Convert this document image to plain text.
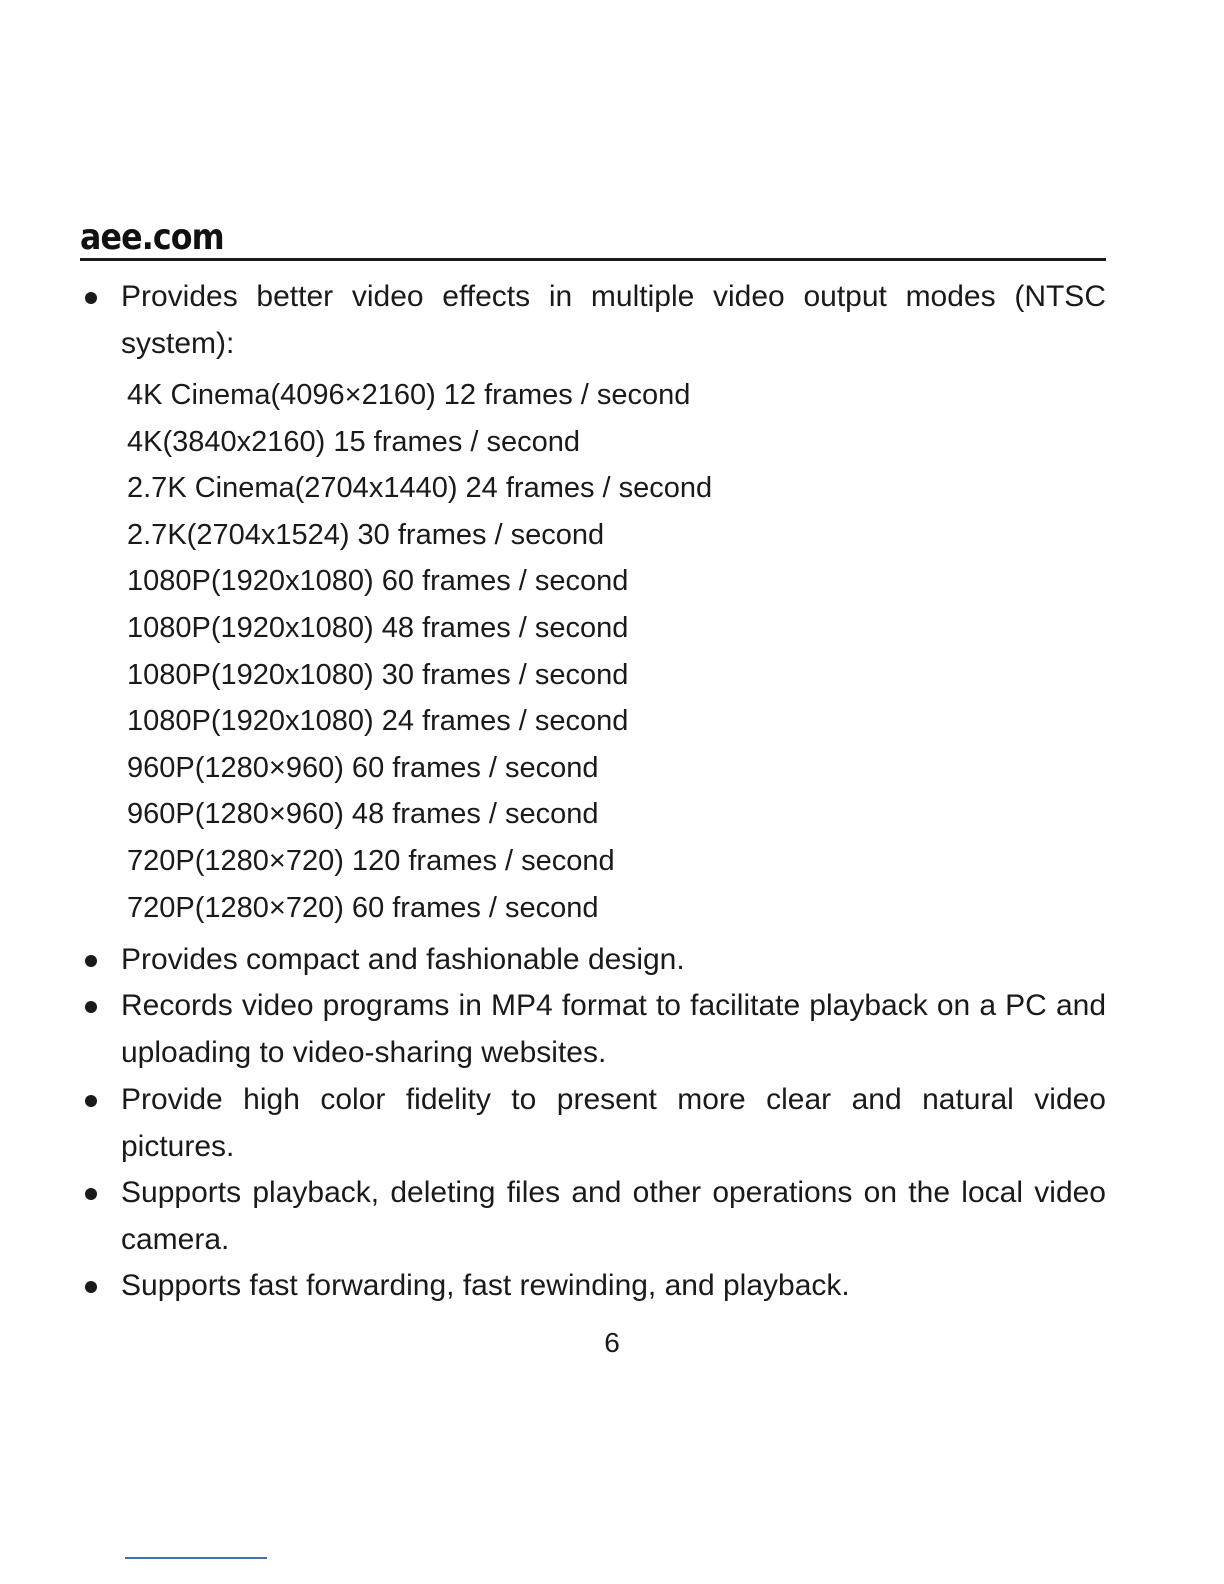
aee.com
Provides better video effects in multiple video output modes (NTSC system):
4K Cinema(4096×2160) 12 frames / second
4K(3840x2160) 15 frames / second
2.7K Cinema(2704x1440) 24 frames / second
2.7K(2704x1524) 30 frames / second
1080P(1920x1080) 60 frames / second
1080P(1920x1080) 48 frames / second
1080P(1920x1080) 30 frames / second
1080P(1920x1080) 24 frames / second
960P(1280×960) 60 frames / second
960P(1280×960) 48 frames / second
720P(1280×720) 120 frames / second
720P(1280×720) 60 frames / second
Provides compact and fashionable design.
Records video programs in MP4 format to facilitate playback on a PC and uploading to video-sharing websites.
Provide high color fidelity to present more clear and natural video pictures.
Supports playback, deleting files and other operations on the local video camera.
Supports fast forwarding, fast rewinding, and playback.
6
